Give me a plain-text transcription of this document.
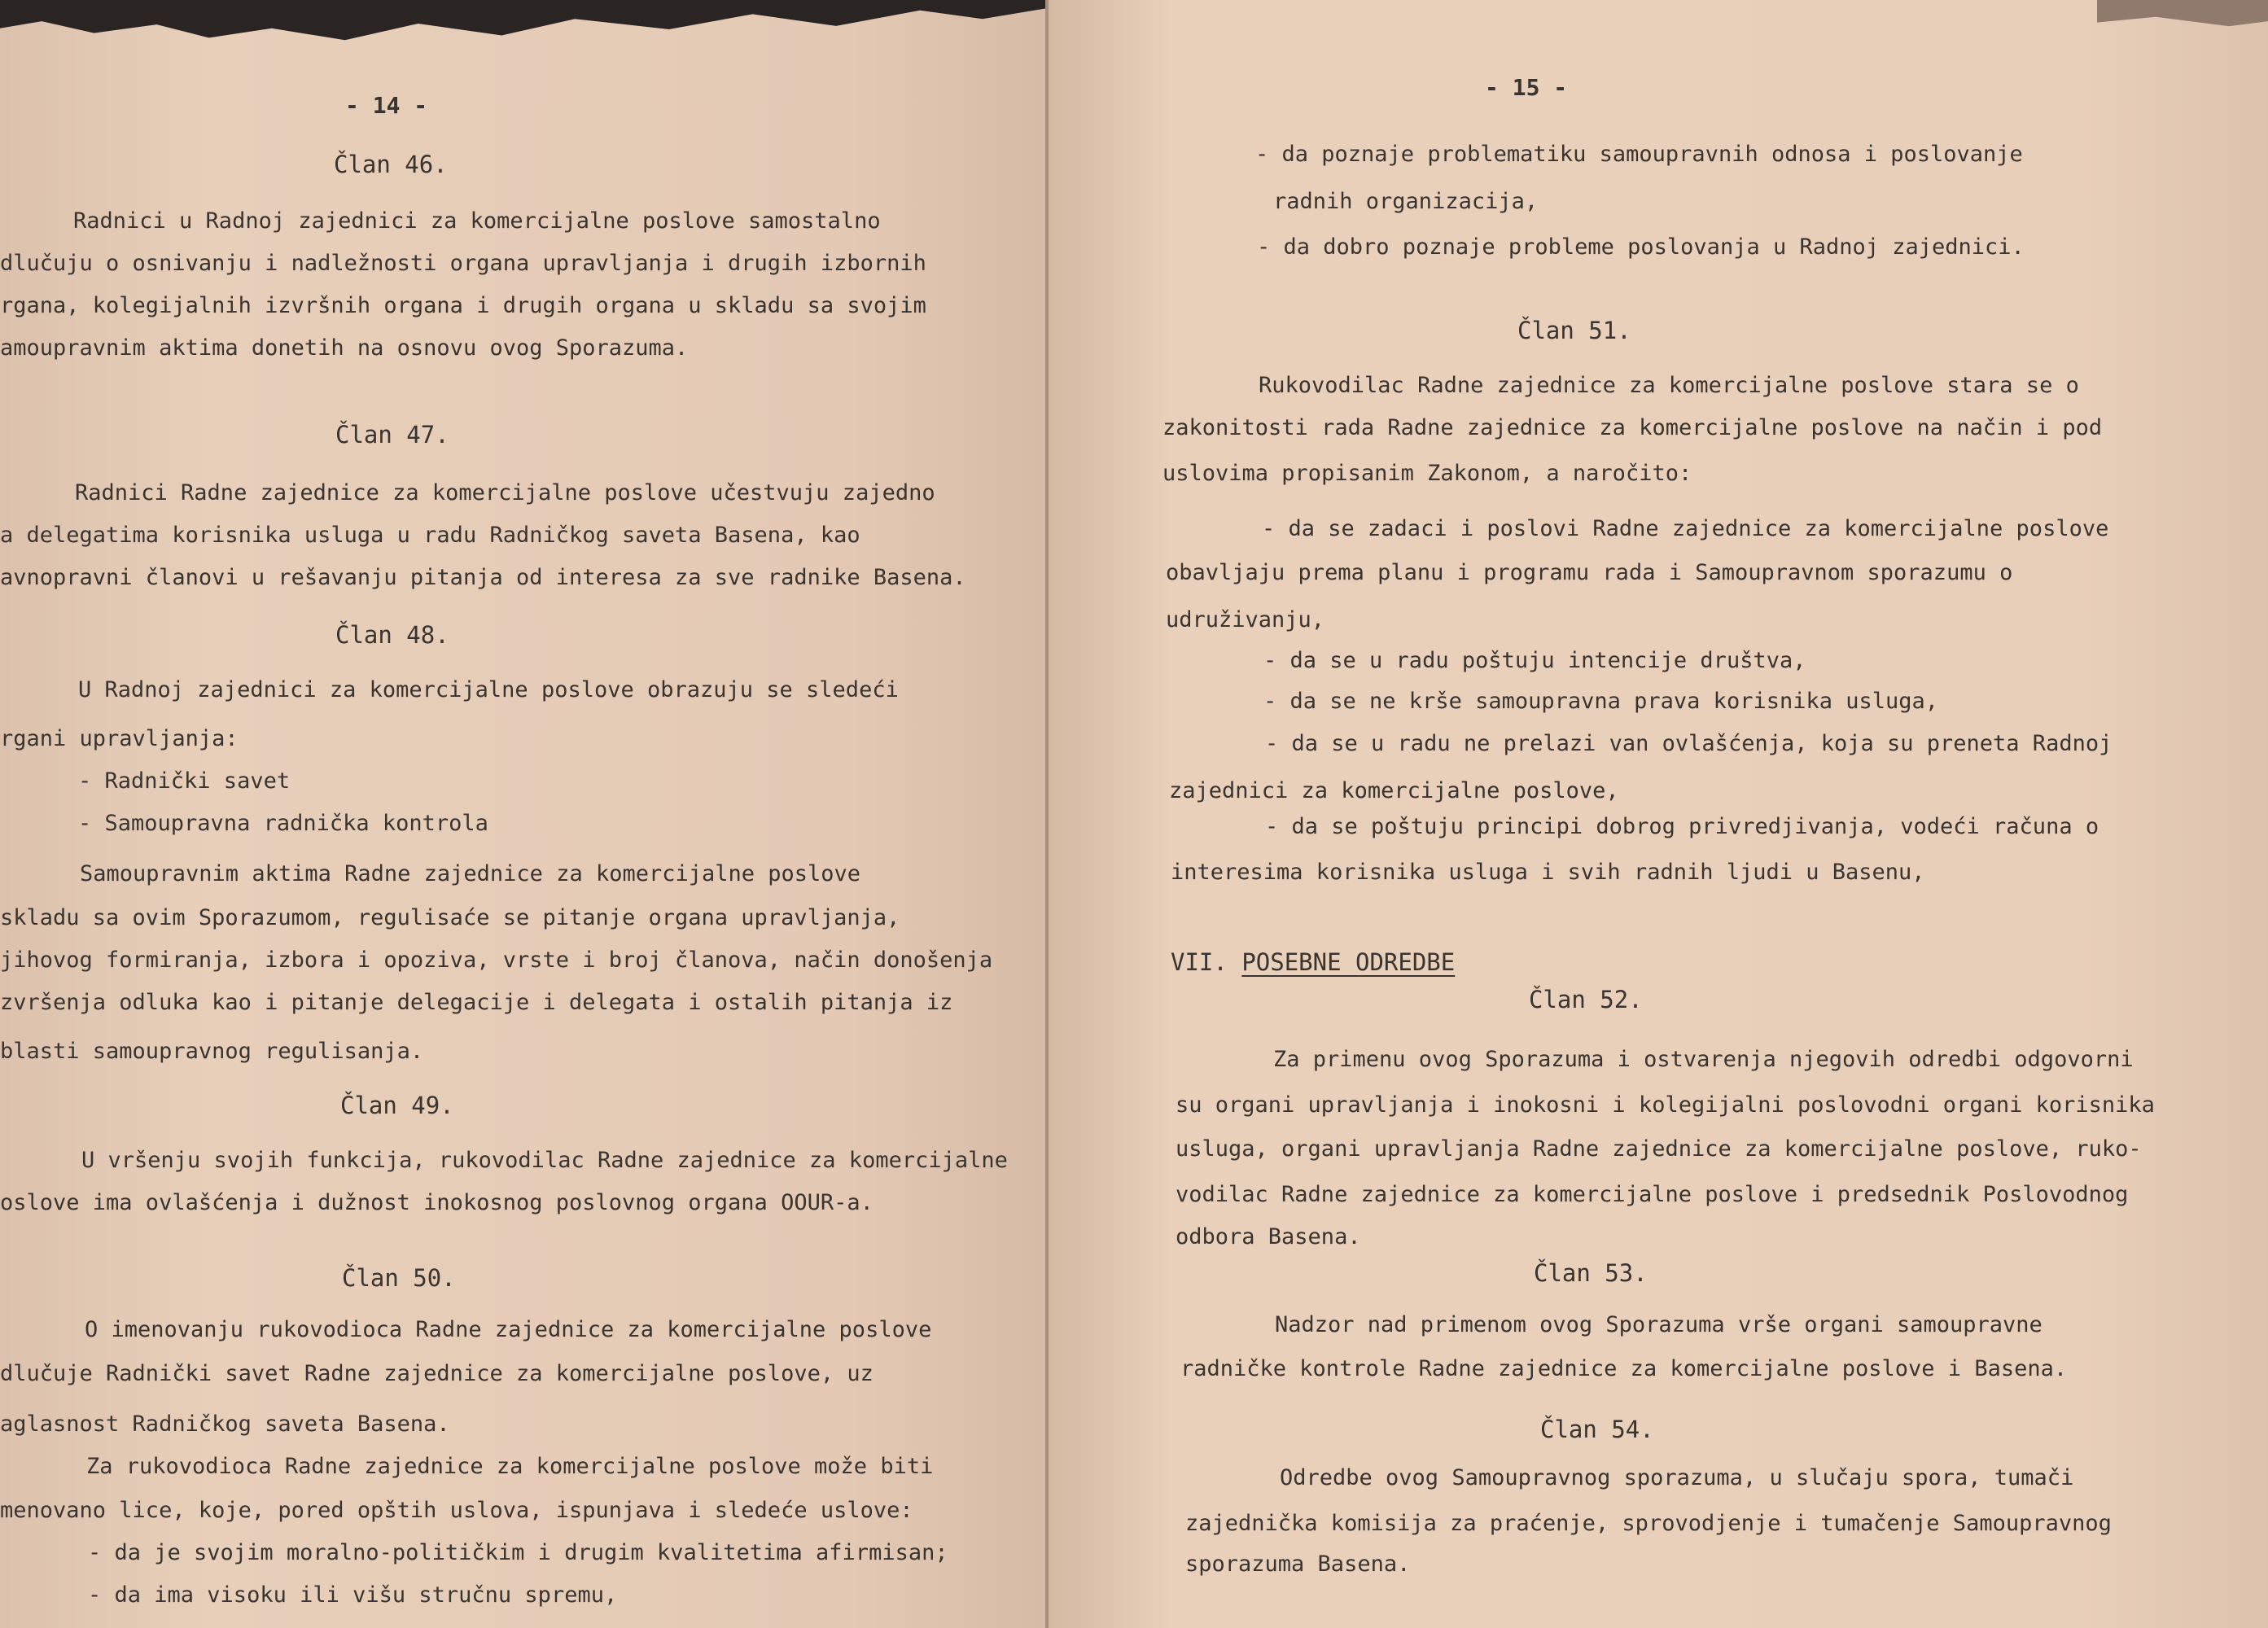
- 14 -

Član 46.

Radnici u Radnoj zajednici za komercijalne poslove samostalno

dlučuju o osnivanju i nadležnosti organa upravljanja i drugih izbornih

rgana, kolegijalnih izvršnih organa i drugih organa u skladu sa svojim

amoupravnim aktima donetih na osnovu ovog Sporazuma.

Član 47.

Radnici Radne zajednice za komercijalne poslove učestvuju zajedno

a delegatima korisnika usluga u radu Radničkog saveta Basena, kao

avnopravni članovi u rešavanju pitanja od interesa za sve radnike Basena.

Član 48.

U Radnoj zajednici za komercijalne poslove obrazuju se sledeći

rgani upravljanja:

- Radnički savet

- Samoupravna radnička kontrola

Samoupravnim aktima Radne zajednice za komercijalne poslove

skladu sa ovim Sporazumom, regulisaće se pitanje organa upravljanja,

jihovog formiranja, izbora i opoziva, vrste i broj članova, način donošenja

zvršenja odluka kao i pitanje delegacije i delegata i ostalih pitanja iz

blasti samoupravnog regulisanja.

Član 49.

U vršenju svojih funkcija, rukovodilac Radne zajednice za komercijalne

oslove ima ovlašćenja i dužnost inokosnog poslovnog organa OOUR-a.

Član 50.

O imenovanju rukovodioca Radne zajednice za komercijalne poslove

dlučuje Radnički savet Radne zajednice za komercijalne poslove, uz

aglasnost Radničkog saveta Basena.

Za rukovodioca Radne zajednice za komercijalne poslove može biti

menovano lice, koje, pored opštih uslova, ispunjava i sledeće uslove:

- da je svojim moralno-političkim i drugim kvalitetima afirmisan;

- da ima visoku ili višu stručnu spremu,

- 15 -

- da poznaje problematiku samoupravnih odnosa i poslovanje

radnih organizacija,

- da dobro poznaje probleme poslovanja u Radnoj zajednici.

Član 51.

Rukovodilac Radne zajednice za komercijalne poslove stara se o

zakonitosti rada Radne zajednice za komercijalne poslove na način i pod

uslovima propisanim Zakonom, a naročito:

- da se zadaci i poslovi Radne zajednice za komercijalne poslove

obavljaju prema planu i programu rada i Samoupravnom sporazumu o

udruživanju,

- da se u radu poštuju intencije društva,

- da se ne krše samoupravna prava korisnika usluga,

- da se u radu ne prelazi van ovlašćenja, koja su preneta Radnoj

zajednici za komercijalne poslove,

- da se poštuju principi dobrog privredjivanja, vodeći računa o

interesima korisnika usluga i svih radnih ljudi u Basenu,

VII. POSEBNE ODREDBE

Član 52.

Za primenu ovog Sporazuma i ostvarenja njegovih odredbi odgovorni

su organi upravljanja i inokosni i kolegijalni poslovodni organi korisnika

usluga, organi upravljanja Radne zajednice za komercijalne poslove, ruko-

vodilac Radne zajednice za komercijalne poslove i predsednik Poslovodnog

odbora Basena.

Član 53.

Nadzor nad primenom ovog Sporazuma vrše organi samoupravne

radničke kontrole Radne zajednice za komercijalne poslove i Basena.

Član 54.

Odredbe ovog Samoupravnog sporazuma, u slučaju spora, tumači

zajednička komisija za praćenje, sprovodjenje i tumačenje Samoupravnog

sporazuma Basena.
